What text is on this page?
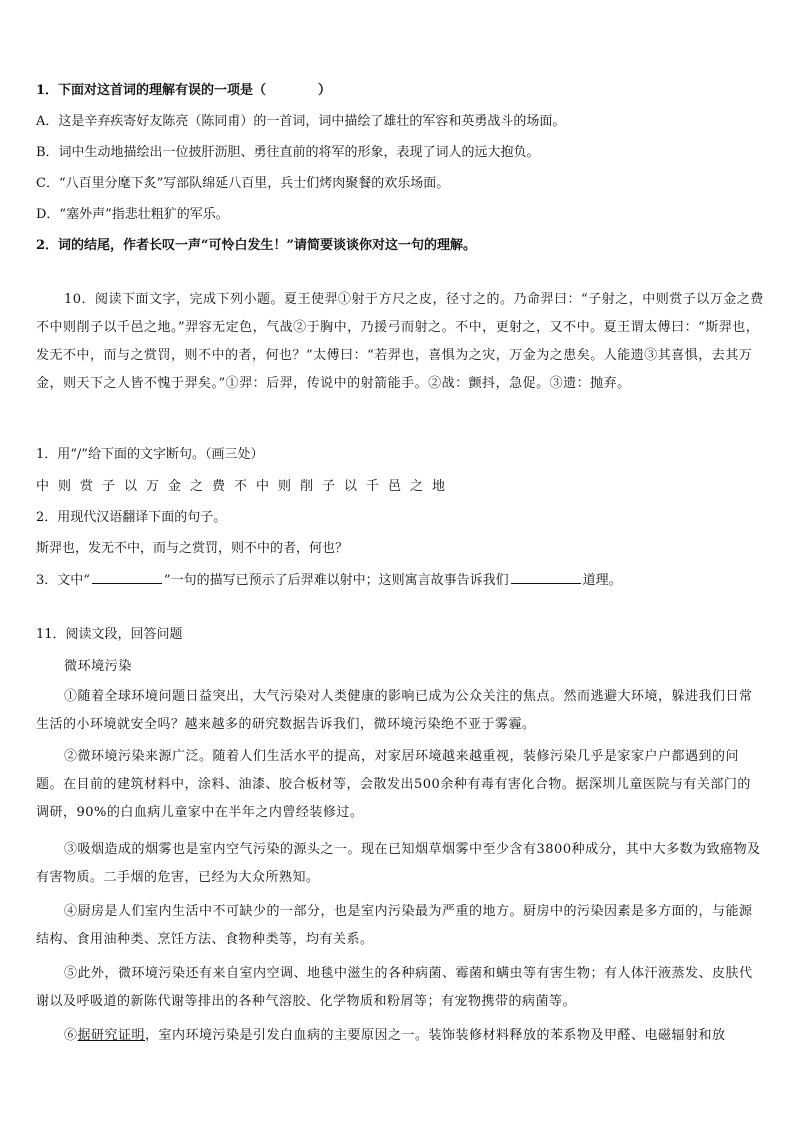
1．下面对这首词的理解有误的一项是（　　　　）
A．这是辛弃疾寄好友陈亮（陈同甫）的一首词，词中描绘了雄壮的军容和英勇战斗的场面。
B．词中生动地描绘出一位披肝沥胆、勇往直前的将军的形象，表现了词人的远大抱负。
C．“八百里分麾下炙”写部队绵延八百里，兵士们烤肉聚餐的欢乐场面。
D．“塞外声”指悲壮粗犷的军乐。
2．词的结尾，作者长叹一声“可怜白发生！”请简要谈谈你对这一句的理解。
10．阅读下面文字，完成下列小题。夏王使羿①射于方尺之皮，径寸之的。乃命羿曰：“子射之，中则赏子以万金之费不中则削子以千邑之地。”羿容无定色，气战②于胸中，乃援弓而射之。不中，更射之，又不中。夏王谓太傅曰：“斯羿也，发无不中，而与之赏罚，则不中的者，何也？”太傅曰：“若羿也，喜惧为之灾，万金为之患矣。人能遗③其喜惧，去其万金，则天下之人皆不愧于羿矣。”①羿：后羿，传说中的射箭能手。②战：颤抖，急促。③遗：抛弃。
1．用“/”给下面的文字断句。（画三处）
中则赏子以万金之费不中则削子以千邑之地
2．用现代汉语翻译下面的句子。
斯羿也，发无不中，而与之赏罚，则不中的者，何也？
3．文中“	”一句的描写已预示了后羿难以射中；这则寓言故事告诉我们	道理。
11．阅读文段，回答问题
微环境污染
①随着全球环境问题日益突出，大气污染对人类健康的影响已成为公众关注的焦点。然而逃避大环境，躲进我们日常生活的小环境就安全吗？越来越多的研究数据告诉我们，微环境污染绝不亚于雾霾。
②微环境污染来源广泛。随着人们生活水平的提高，对家居环境越来越重视，装修污染几乎是家家户户都遇到的问题。在目前的建筑材料中，涂料、油漆、胶合板材等，会散发出500余种有毒有害化合物。据深圳儿童医院与有关部门的调研，90%的白血病儿童家中在半年之内曾经装修过。
③吸烟造成的烟雾也是室内空气污染的源头之一。现在已知烟草烟雾中至少含有3800种成分，其中大多数为致癌物及有害物质。二手烟的危害，已经为大众所熟知。
④厨房是人们室内生活中不可缺少的一部分，也是室内污染最为严重的地方。厨房中的污染因素是多方面的，与能源结构、食用油种类、烹饪方法、食物种类等，均有关系。
⑤此外，微环境污染还有来自室内空调、地毯中滋生的各种病菌、霉菌和螨虫等有害生物；有人体汗液蒸发、皮肤代谢以及呼吸道的新陈代谢等排出的各种气溶胶、化学物质和粉屑等；有宠物携带的病菌等。
⑥据研究证明，室内环境污染是引发白血病的主要原因之一。装饰装修材料释放的苯系物及甲醛、电磁辐射和放
